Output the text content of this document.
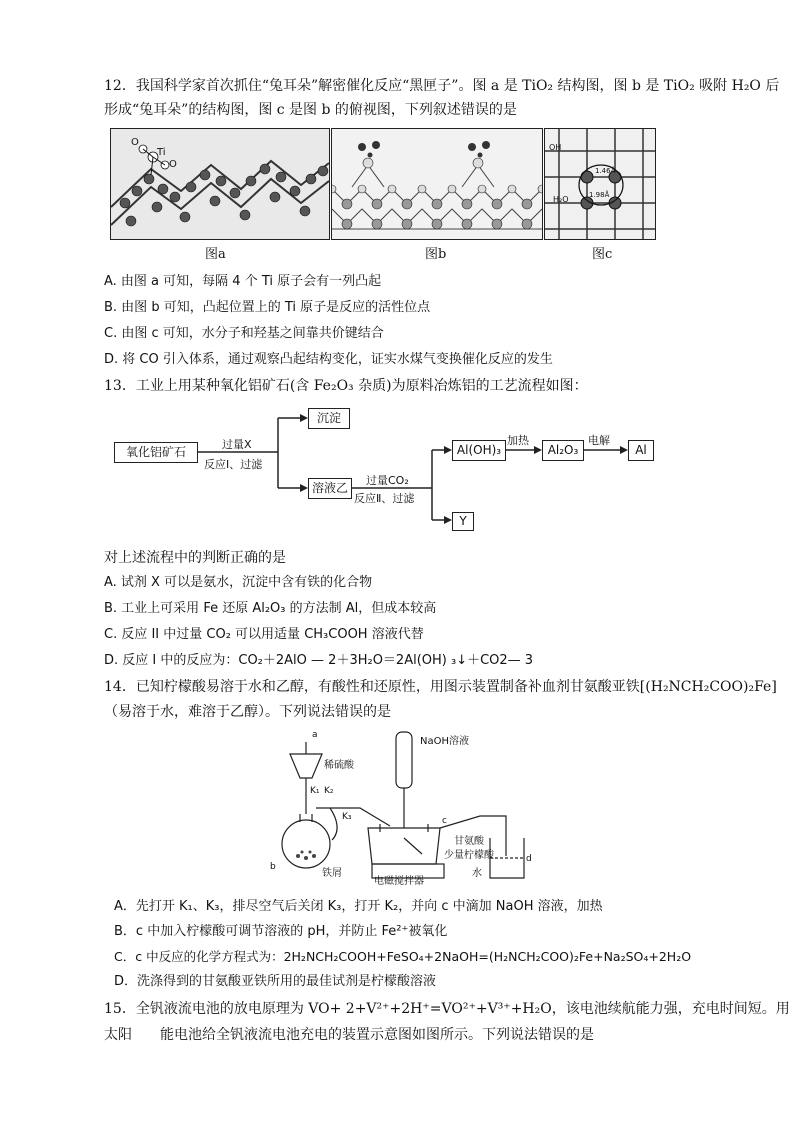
12．我国科学家首次抓住“兔耳朵”解密催化反应“黑匣子”。图 a 是 TiO₂ 结构图，图 b 是 TiO₂ 吸附 H₂O 后
形成“兔耳朵”的结构图，图 c 是图 b 的俯视图，下列叙述错误的是
O
Ti
O
OH
H₂O
1.46Å
1.98Å
图a	图b	图c
A. 由图 a 可知，每隔 4 个 Ti 原子会有一列凸起
B. 由图 b 可知，凸起位置上的 Ti 原子是反应的活性位点
C. 由图 c 可知，水分子和羟基之间靠共价键结合
D. 将 CO 引入体系，通过观察凸起结构变化，证实水煤气变换催化反应的发生
13．工业上用某种氧化铝矿石(含 Fe₂O₃ 杂质)为原料冶炼铝的工艺流程如图：
氧化铝矿石
过量X
反应Ⅰ、过滤
沉淀
溶液乙
过量CO₂
反应Ⅱ、过滤
Al(OH)₃
加热
Al₂O₃
电解
Al
Y
对上述流程中的判断正确的是
A. 试剂 X 可以是氨水，沉淀中含有铁的化合物
B. 工业上可采用 Fe 还原 Al₂O₃ 的方法制 Al，但成本较高
C. 反应 II 中过量 CO₂ 可以用适量 CH₃COOH 溶液代替
D. 反应 I 中的反应为：CO₂＋2AlO — 2＋3H₂O＝2Al(OH) ₃↓＋CO2— 3
14．已知柠檬酸易溶于水和乙醇，有酸性和还原性，用图示装置制备补血剂甘氨酸亚铁[(H₂NCH₂COO)₂Fe]
（易溶于水，难溶于乙醇）。下列说法错误的是
a
稀硫酸
K₁ K₂
K₃
b
铁屑
NaOH溶液
c
甘氨酸
少量柠檬酸
电磁搅拌器
水
d
A．先打开 K₁、K₃，排尽空气后关闭 K₃，打开 K₂，并向 c 中滴加 NaOH 溶液，加热
B．c 中加入柠檬酸可调节溶液的 pH，并防止 Fe²⁺被氧化
C．c 中反应的化学方程式为：2H₂NCH₂COOH+FeSO₄+2NaOH=(H₂NCH₂COO)₂Fe+Na₂SO₄+2H₂O
D．洗涤得到的甘氨酸亚铁所用的最佳试剂是柠檬酸溶液
15．全钒液流电池的放电原理为 VO+ 2+V²⁺+2H⁺=VO²⁺+V³⁺+H₂O，该电池续航能力强，充电时间短。用
太阳　　能电池给全钒液流电池充电的装置示意图如图所示。下列说法错误的是
